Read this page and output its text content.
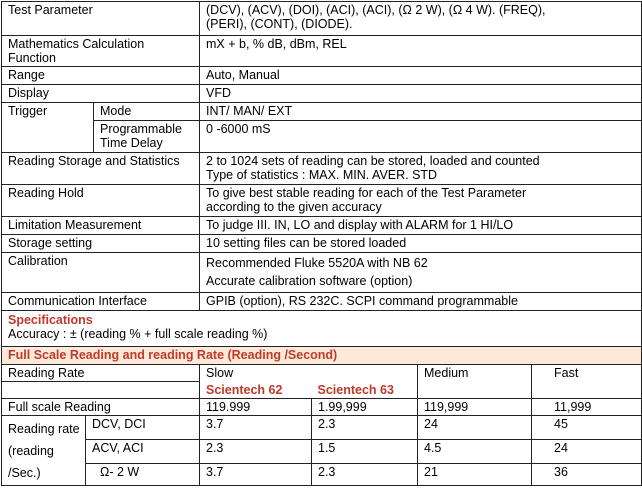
Test Parameter		(DCV), (ACV), (DOI), (ACI), (ACI), (Ω 2 W), (Ω 4 W). (FREQ),
(PERI), (CONT), (DIODE).
Mathematics Calculation Function		mX + b, % dB, dBm, REL
Range		Auto, Manual
Display		VFD
Trigger	Mode	INT/ MAN/ EXT
	Programmable Time Delay	0 -6000 mS
Reading Storage and Statistics		2 to 1024 sets of reading can be stored, loaded and counted
Type of statistics : MAX. MIN. AVER. STD
Reading Hold		To give best stable reading for each of the Test Parameter
according to the given accuracy
Limitation Measurement		To judge III. IN, LO and display with ALARM for 1 HI/LO
Storage setting		10 setting files can be stored loaded
Calibration		Recommended Fluke 5520A with NB 62
Accurate calibration software (option)
Communication Interface		GPIB (option), RS 232C. SCPI command programmable

Specifications
Accuracy : ± (reading % + full scale reading %)		
Full Scale Reading and reading Rate (Reading /Second)					
Reading Rate		Slow		Medium	Fast
		Scientech 62	Scientech 63		
Full scale Reading		119.999	1.99,999	119,999	11,999

Reading rate
(reading /Sec.)	DCV, DCI	3.7	2.3	24	45
	ACV, ACI	2.3	1.5	4.5	24
	Ω- 2 W	3.7	2.3	21	36
